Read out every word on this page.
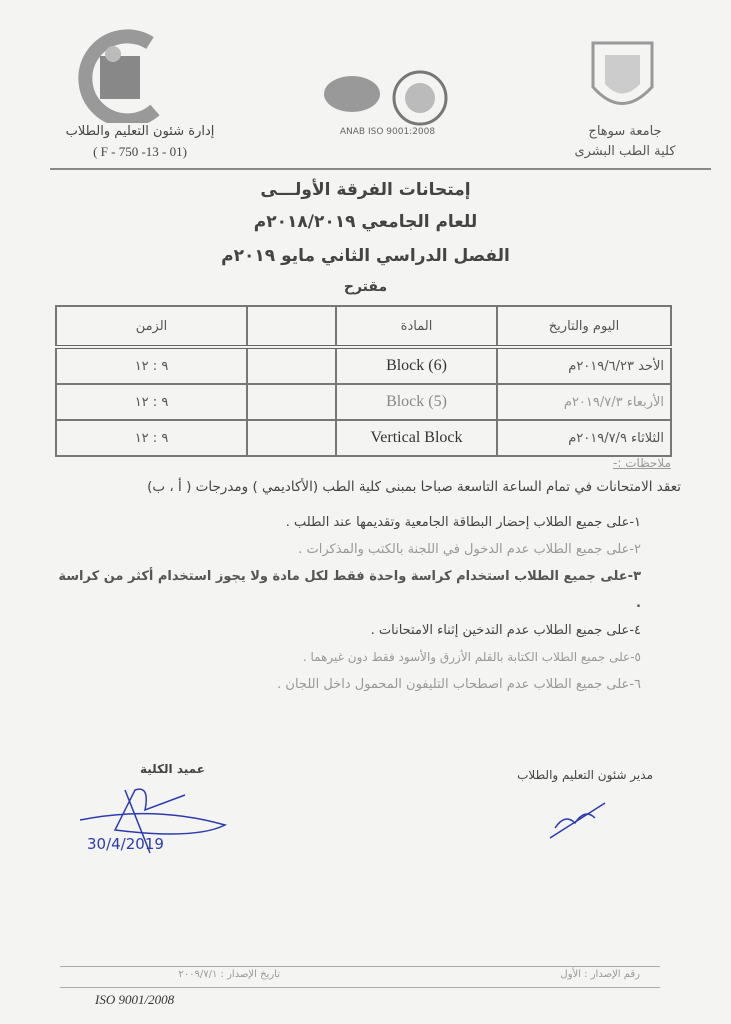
إدارة شئون التعليم والطلاب
( F - 750 -13 - 01)
ANAB ISO 9001:2008	جامعة سوهاج
كلية الطب البشرى
إمتحانات الفرقة الأولـــى
للعام الجامعي ٢٠١٨/٢٠١٩م
الفصل الدراسي الثاني مايو ٢٠١٩م
مقترح
اليوم والتاريخ	المادة		الزمن
الأحد ٢٠١٩/٦/٢٣م	Block (6)		٩ : ١٢
الأربعاء ٢٠١٩/٧/٣م	Block (5)		٩ : ١٢
الثلاثاء ٢٠١٩/٧/٩م	Vertical Block		٩ : ١٢

ملاحظات :-

تعقد الامتحانات في تمام الساعة التاسعة صباحا بمبنى كلية الطب (الأكاديمي ) ومدرجات ( أ ، ب)

١-على جميع الطلاب إحضار البطاقة الجامعية وتقديمها عند الطلب .

٢-على جميع الطلاب عدم الدخول في اللجنة بالكتب والمذكرات .

٣-على جميع الطلاب استخدام كراسة واحدة فقط لكل مادة ولا يجوز استخدام أكثر من كراسة .

٤-على جميع الطلاب عدم التدخين إثناء الامتحانات .

٥-على جميع الطلاب الكتابة بالقلم الأزرق والأسود فقط دون غيرهما .

٦-على جميع الطلاب عدم اصطحاب التليفون المحمول داخل اللجان .

عميد الكلية
30/4/2019
مدير شئون التعليم والطلاب
رقم الإصدار : الأول
تاريخ الإصدار : ٢٠٠٩/٧/١
ISO 9001/2008
